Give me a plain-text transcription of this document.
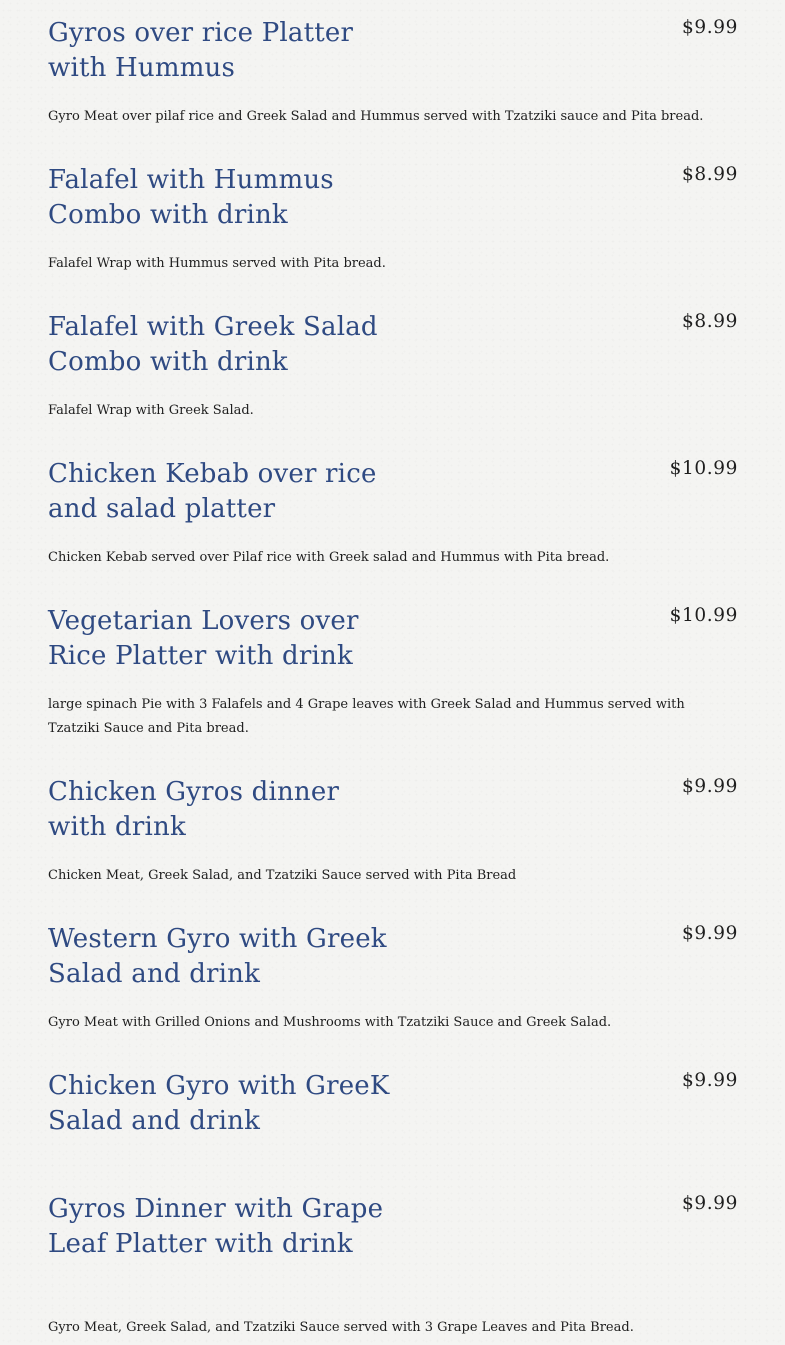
Gyros over rice Platter with Hummus
$9.99

Gyro Meat over pilaf rice and Greek Salad and Hummus served with Tzatziki sauce and Pita bread.

Falafel with Hummus Combo with drink
$8.99

Falafel Wrap with Hummus served with Pita bread.

Falafel with Greek Salad Combo with drink
$8.99

Falafel Wrap with Greek Salad.

Chicken Kebab over rice and salad platter
$10.99

Chicken Kebab served over Pilaf rice with Greek salad and Hummus with Pita bread.

Vegetarian Lovers over Rice Platter with drink
$10.99

large spinach Pie with 3 Falafels and 4 Grape leaves with Greek Salad and Hummus served with Tzatziki Sauce and Pita bread.

Chicken Gyros dinner with drink
$9.99

Chicken Meat, Greek Salad, and Tzatziki Sauce served with Pita Bread

Western Gyro with Greek Salad and drink
$9.99

Gyro Meat with Grilled Onions and Mushrooms with Tzatziki Sauce and Greek Salad.

Chicken Gyro with GreeK Salad and drink
$9.99
Gyros Dinner with Grape Leaf Platter with drink
$9.99

Gyro Meat, Greek Salad, and Tzatziki Sauce served with 3 Grape Leaves and Pita Bread.
